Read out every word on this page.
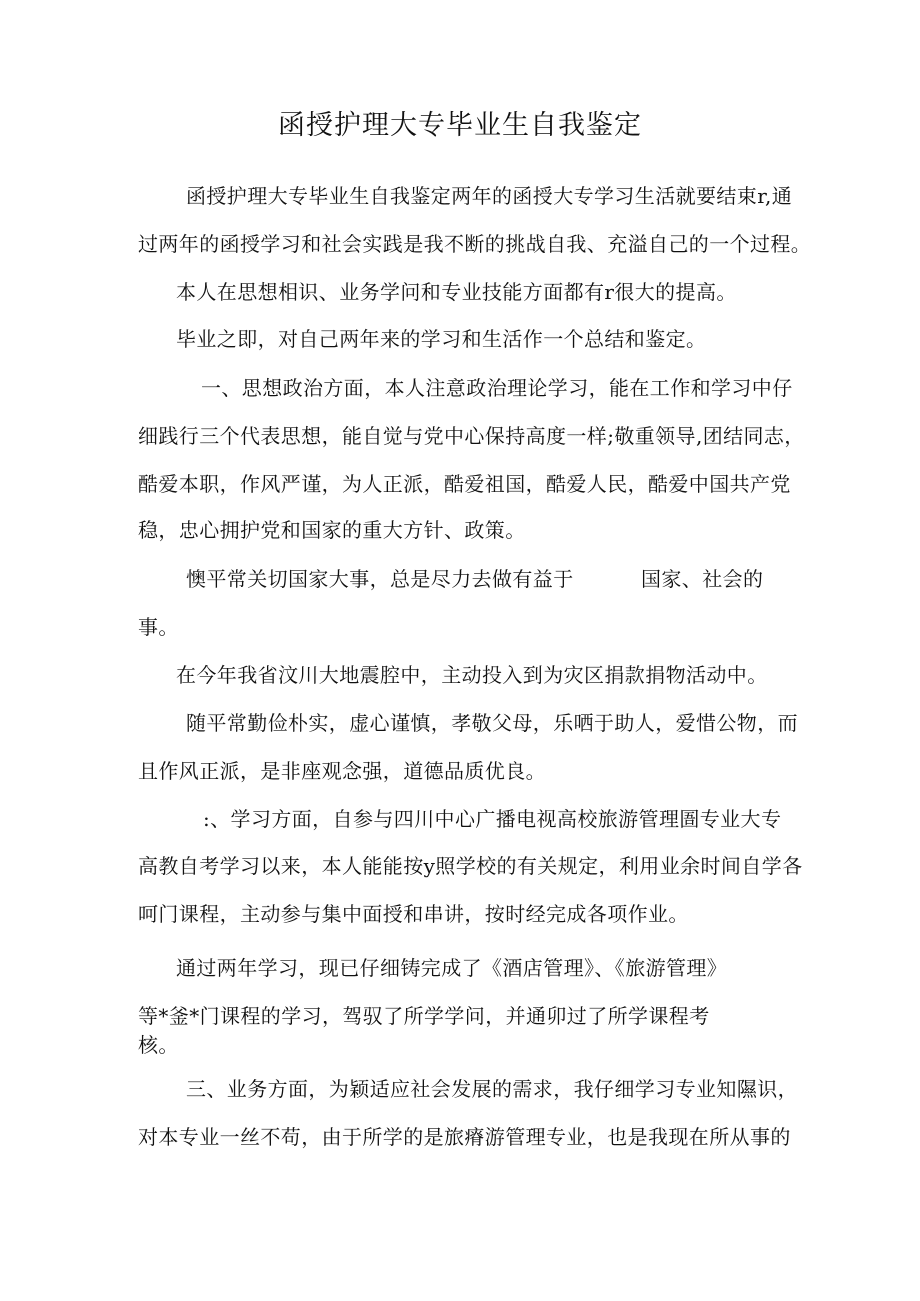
函授护理大专毕业生自我鉴定
函授护理大专毕业生自我鉴定两年的函授大专学习生活就要结束r,通
过两年的函授学习和社会实践是我不断的挑战自我、充溢自己的一个过程。
本人在思想相识、业务学问和专业技能方面都有r很大的提高。
毕业之即，对自己两年来的学习和生活作一个总结和鉴定。
一、思想政治方面，本人注意政治理论学习，能在工作和学习中仔
细践行三个代表思想，能自觉与党中心保持高度一样;敬重领导,团结同志，
酷爱本职，作风严谨，为人正派，酷爱祖国，酷爱人民，酷爱中国共产党
稳，忠心拥护党和国家的重大方针、政策。
懊平常关切国家大事，总是尽力去做有益于	国家、社会的
事。
在今年我省汶川大地震腔中，主动投入到为灾区捐款捐物活动中。
随平常勤俭朴实，虚心谨慎，孝敬父母，乐哂于助人，爱惜公物，而
且作风正派，是非座观念强，道德品质优良。
:、学习方面，自参与四川中心广播电视高校旅游管理圄专业大专
高教自考学习以来，本人能能按y照学校的有关规定，利用业余时间自学各
呵门课程，主动参与集中面授和串讲，按时经完成各项作业。
通过两年学习，现已仔细铸完成了《酒店管理》、《旅游管理》
等*釜*门课程的学习，驾驭了所学学问，并通卯过了所学课程考
核。
三、业务方面，为颖适应社会发展的需求，我仔细学习专业知隰识，
对本专业一丝不苟，由于所学的是旅瘠游管理专业，也是我现在所从事的
